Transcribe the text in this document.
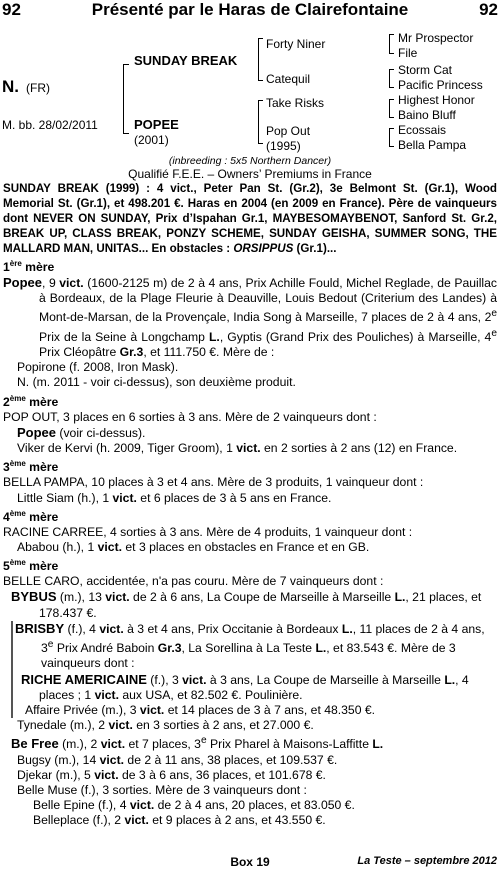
92	Présenté par le Haras de Clairefontaine	92
N. (FR)
M. bb. 28/02/2011
SUNDAY BREAK
POPEE
(2001)
Forty Niner
Catequil
Take Risks
Pop Out
(1995)
Mr Prospector
File
Storm Cat
Pacific Princess
Highest Honor
Baino Bluff
Ecossais
Bella Pampa
(inbreeding : 5x5 Northern Dancer)
Qualifié F.E.E. – Owners’ Premiums in France

SUNDAY BREAK (1999) : 4 vict., Peter Pan St. (Gr.2), 3e Belmont St. (Gr.1), Wood Memorial St. (Gr.1), et 498.201 €. Haras en 2004 (en 2009 en France). Père de vainqueurs dont NEVER ON SUNDAY, Prix d’Ispahan Gr.1, MAYBESOMAYBENOT, Sanford St. Gr.2, BREAK UP, CLASS BREAK, PONZY SCHEME, SUNDAY GEISHA, SUMMER SONG, THE MALLARD MAN, UNITAS... En obstacles : ORSIPPUS (Gr.1)...

1ère mère

Popee, 9 vict. (1600-2125 m) de 2 à 4 ans, Prix Achille Fould, Michel Reglade, de Pauillac à Bordeaux, de la Plage Fleurie à Deauville, Louis Bedout (Criterium des Landes) à Mont-de-Marsan, de la Provençale, India Song à Marseille, 7 places de 2 à 4 ans, 2e Prix de la Seine à Longchamp L., Gyptis (Grand Prix des Pouliches) à Marseille, 4e Prix Cléopâtre Gr.3, et 111.750 €. Mère de :

Popirone (f. 2008, Iron Mask).

N. (m. 2011 - voir ci-dessus), son deuxième produit.

2ème mère

POP OUT, 3 places en 6 sorties à 3 ans. Mère de 2 vainqueurs dont :

Popee (voir ci-dessus).

Viker de Kervi (h. 2009, Tiger Groom), 1 vict. en 2 sorties à 2 ans (12) en France.

3ème mère

BELLA PAMPA, 10 places à 3 et 4 ans. Mère de 3 produits, 1 vainqueur dont :

Little Siam (h.), 1 vict. et 6 places de 3 à 5 ans en France.

4ème mère

RACINE CARREE, 4 sorties à 3 ans. Mère de 4 produits, 1 vainqueur dont :

Ababou (h.), 1 vict. et 3 places en obstacles en France et en GB.

5ème mère

BELLE CARO, accidentée, n'a pas couru. Mère de 7 vainqueurs dont :

BYBUS (m.), 13 vict. de 2 à 6 ans, La Coupe de Marseille à Marseille L., 21 places, et 178.437 €.

BRISBY (f.), 4 vict. à 3 et 4 ans, Prix Occitanie à Bordeaux L., 11 places de 2 à 4 ans, 3e Prix André Baboin Gr.3, La Sorellina à La Teste L., et 83.543 €. Mère de 3 vainqueurs dont :

RICHE AMERICAINE (f.), 3 vict. à 3 ans, La Coupe de Marseille à Marseille L., 4 places ; 1 vict. aux USA, et 82.502 €. Poulinière.

Affaire Privée (m.), 3 vict. et 14 places de 3 à 7 ans, et 48.350 €.

Tynedale (m.), 2 vict. en 3 sorties à 2 ans, et 27.000 €.

Be Free (m.), 2 vict. et 7 places, 3e Prix Pharel à Maisons-Laffitte L.

Bugsy (m.), 14 vict. de 2 à 11 ans, 38 places, et 109.537 €.

Djekar (m.), 5 vict. de 3 à 6 ans, 36 places, et 101.678 €.

Belle Muse (f.), 3 sorties. Mère de 3 vainqueurs dont :

Belle Epine (f.), 4 vict. de 2 à 4 ans, 20 places, et 83.050 €.

Belleplace (f.), 2 vict. et 9 places à 2 ans, et 43.550 €.

Box 19	La Teste – septembre 2012
